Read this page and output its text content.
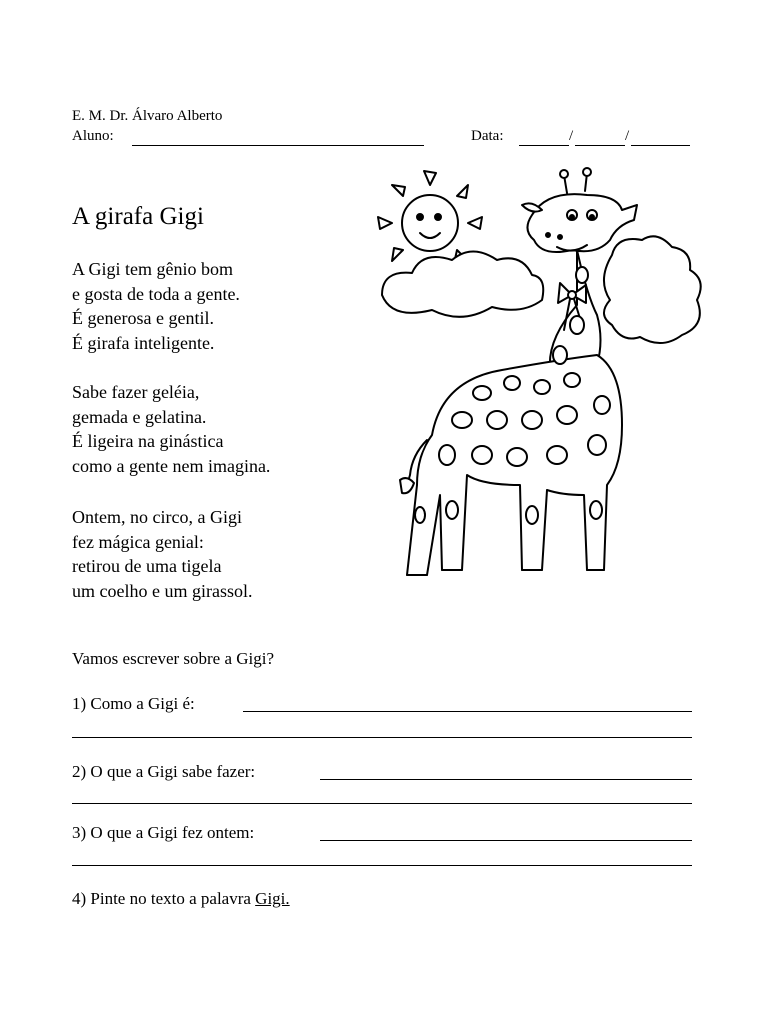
E. M. Dr. Álvaro Alberto
Aluno:	Data:	/	/
A girafa Gigi
A Gigi tem gênio bom
e gosta de toda a gente.
É generosa e gentil.
É girafa inteligente.
Sabe fazer geléia,
gemada e gelatina.
É ligeira na ginástica
como a gente nem imagina.
Ontem, no circo, a Gigi
fez mágica genial:
retirou de uma tigela
um coelho e um girassol.
Vamos escrever sobre a Gigi?
1) Como a Gigi é:
2) O que a Gigi sabe fazer:
3) O que a Gigi fez ontem:
4) Pinte no texto a palavra Gigi.
